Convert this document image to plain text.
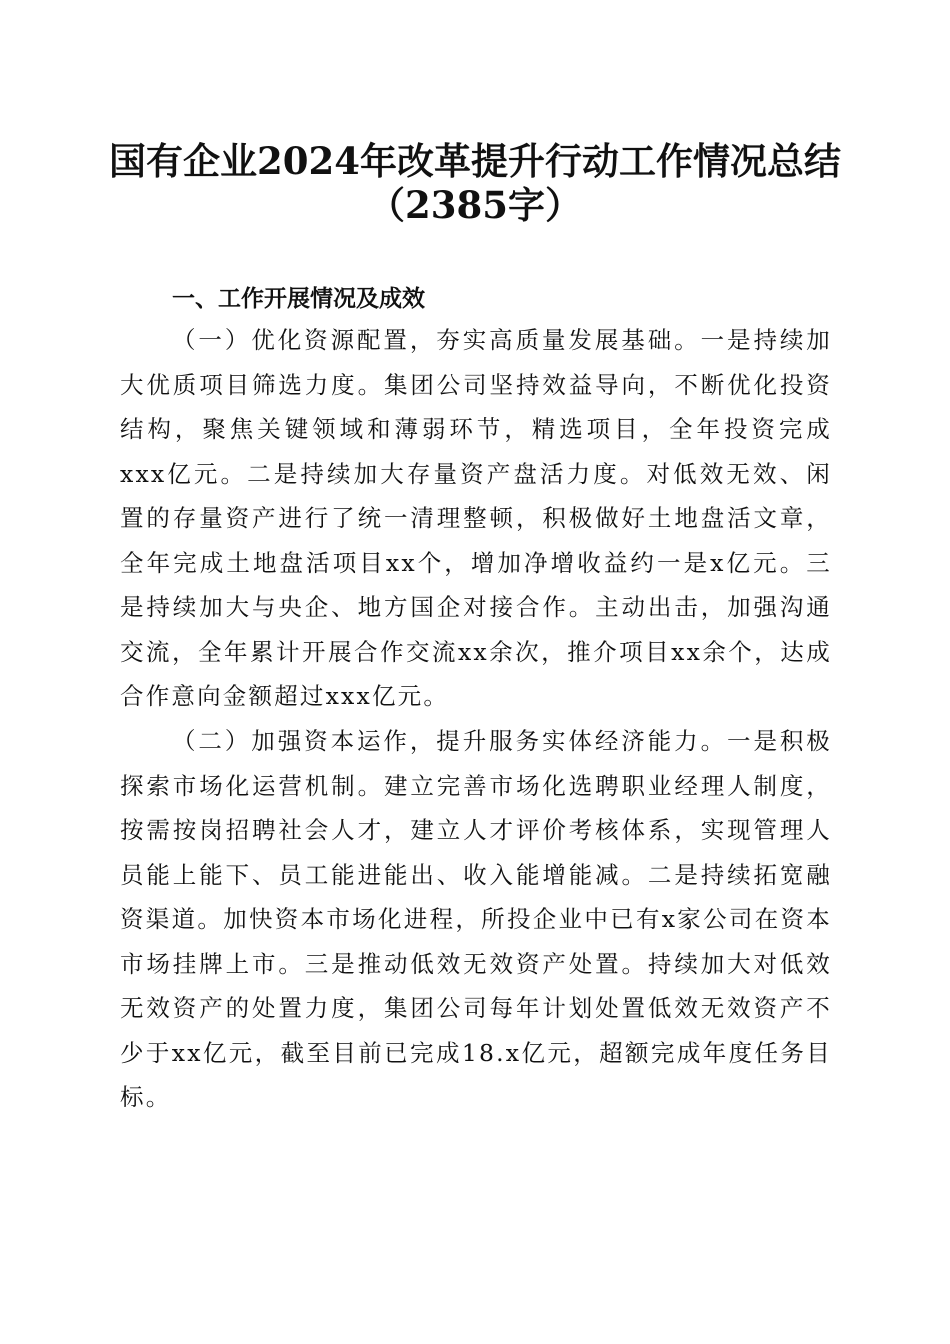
国有企业2024年改革提升行动工作情况总结
（2385字）
一、工作开展情况及成效

（一）优化资源配置，夯实高质量发展基础。一是持续加大优质项目筛选力度。集团公司坚持效益导向，不断优化投资结构，聚焦关键领域和薄弱环节，精选项目，全年投资完成xxx亿元。二是持续加大存量资产盘活力度。对低效无效、闲置的存量资产进行了统一清理整顿，积极做好土地盘活文章，全年完成土地盘活项目xx个，增加净增收益约一是x亿元。三是持续加大与央企、地方国企对接合作。主动出击，加强沟通交流，全年累计开展合作交流xx余次，推介项目xx余个，达成合作意向金额超过xxx亿元。

（二）加强资本运作，提升服务实体经济能力。一是积极探索市场化运营机制。建立完善市场化选聘职业经理人制度，按需按岗招聘社会人才，建立人才评价考核体系，实现管理人员能上能下、员工能进能出、收入能增能减。二是持续拓宽融资渠道。加快资本市场化进程，所投企业中已有x家公司在资本市场挂牌上市。三是推动低效无效资产处置。持续加大对低效无效资产的处置力度，集团公司每年计划处置低效无效资产不少于xx亿元，截至目前已完成18.x亿元，超额完成年度任务目标。
